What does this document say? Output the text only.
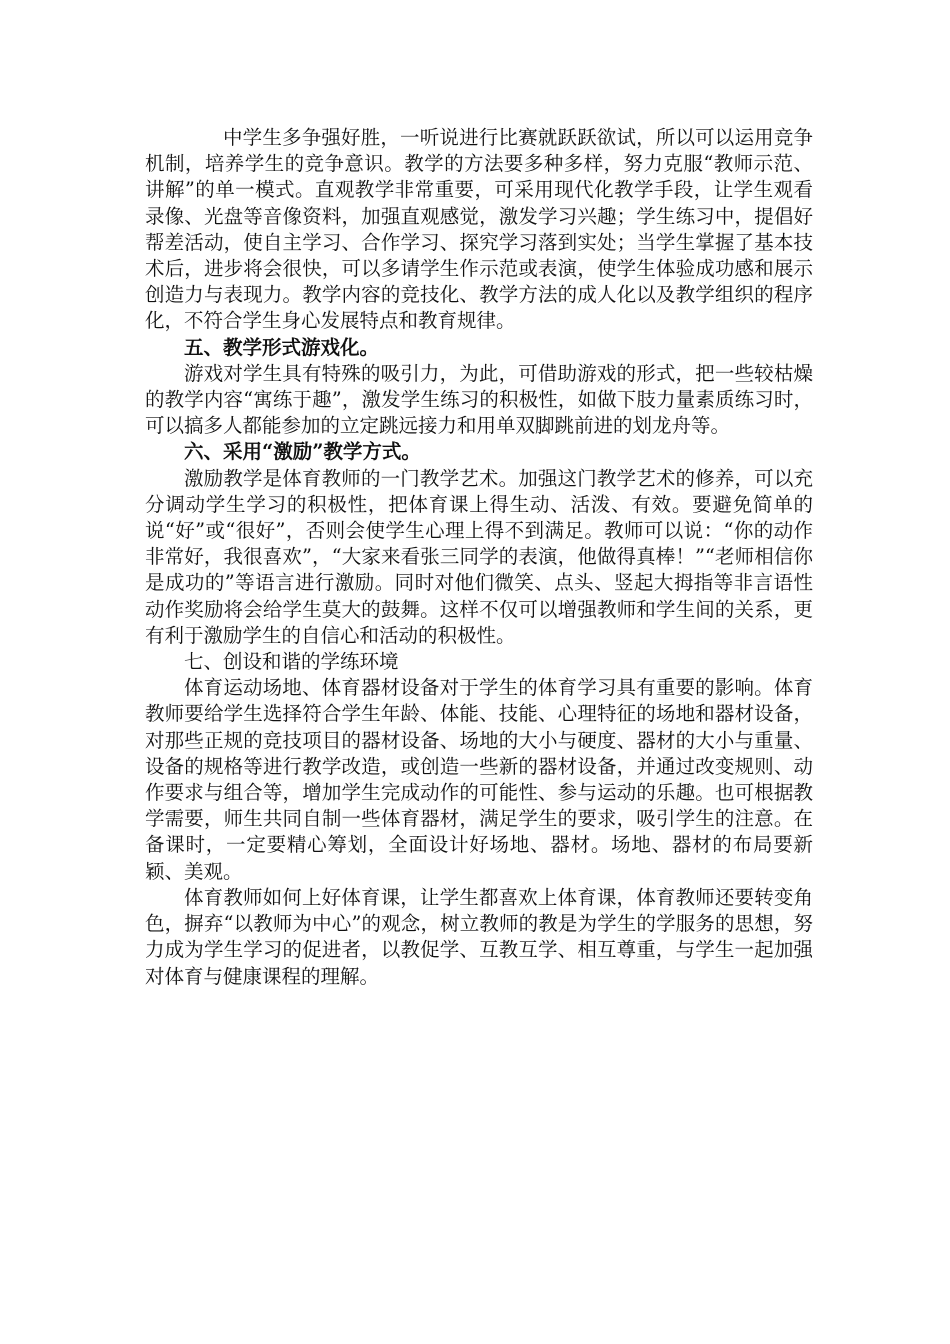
中学生多争强好胜，一听说进行比赛就跃跃欲试，所以可以运用竞争机制，培养学生的竞争意识。教学的方法要多种多样，努力克服“教师示范、讲解”的单一模式。直观教学非常重要，可采用现代化教学手段，让学生观看录像、光盘等音像资料，加强直观感觉，激发学习兴趣；学生练习中，提倡好帮差活动，使自主学习、合作学习、探究学习落到实处；当学生掌握了基本技术后，进步将会很快，可以多请学生作示范或表演，使学生体验成功感和展示创造力与表现力。教学内容的竞技化、教学方法的成人化以及教学组织的程序化，不符合学生身心发展特点和教育规律。

五、教学形式游戏化。

游戏对学生具有特殊的吸引力，为此，可借助游戏的形式，把一些较枯燥的教学内容“寓练于趣”，激发学生练习的积极性，如做下肢力量素质练习时，可以搞多人都能参加的立定跳远接力和用单双脚跳前进的划龙舟等。

六、采用“激励”教学方式。

激励教学是体育教师的一门教学艺术。加强这门教学艺术的修养，可以充分调动学生学习的积极性，把体育课上得生动、活泼、有效。要避免简单的说“好”或“很好”，否则会使学生心理上得不到满足。教师可以说：“你的动作非常好，我很喜欢”，“大家来看张三同学的表演，他做得真棒！”“老师相信你是成功的”等语言进行激励。同时对他们微笑、点头、竖起大拇指等非言语性动作奖励将会给学生莫大的鼓舞。这样不仅可以增强教师和学生间的关系，更有利于激励学生的自信心和活动的积极性。

七、创设和谐的学练环境

体育运动场地、体育器材设备对于学生的体育学习具有重要的影响。体育教师要给学生选择符合学生年龄、体能、技能、心理特征的场地和器材设备，对那些正规的竞技项目的器材设备、场地的大小与硬度、器材的大小与重量、设备的规格等进行教学改造，或创造一些新的器材设备，并通过改变规则、动作要求与组合等，增加学生完成动作的可能性、参与运动的乐趣。也可根据教学需要，师生共同自制一些体育器材，满足学生的要求，吸引学生的注意。在备课时，一定要精心筹划，全面设计好场地、器材。场地、器材的布局要新颖、美观。

体育教师如何上好体育课，让学生都喜欢上体育课，体育教师还要转变角色，摒弃“以教师为中心”的观念，树立教师的教是为学生的学服务的思想，努力成为学生学习的促进者，以教促学、互教互学、相互尊重，与学生一起加强对体育与健康课程的理解。
